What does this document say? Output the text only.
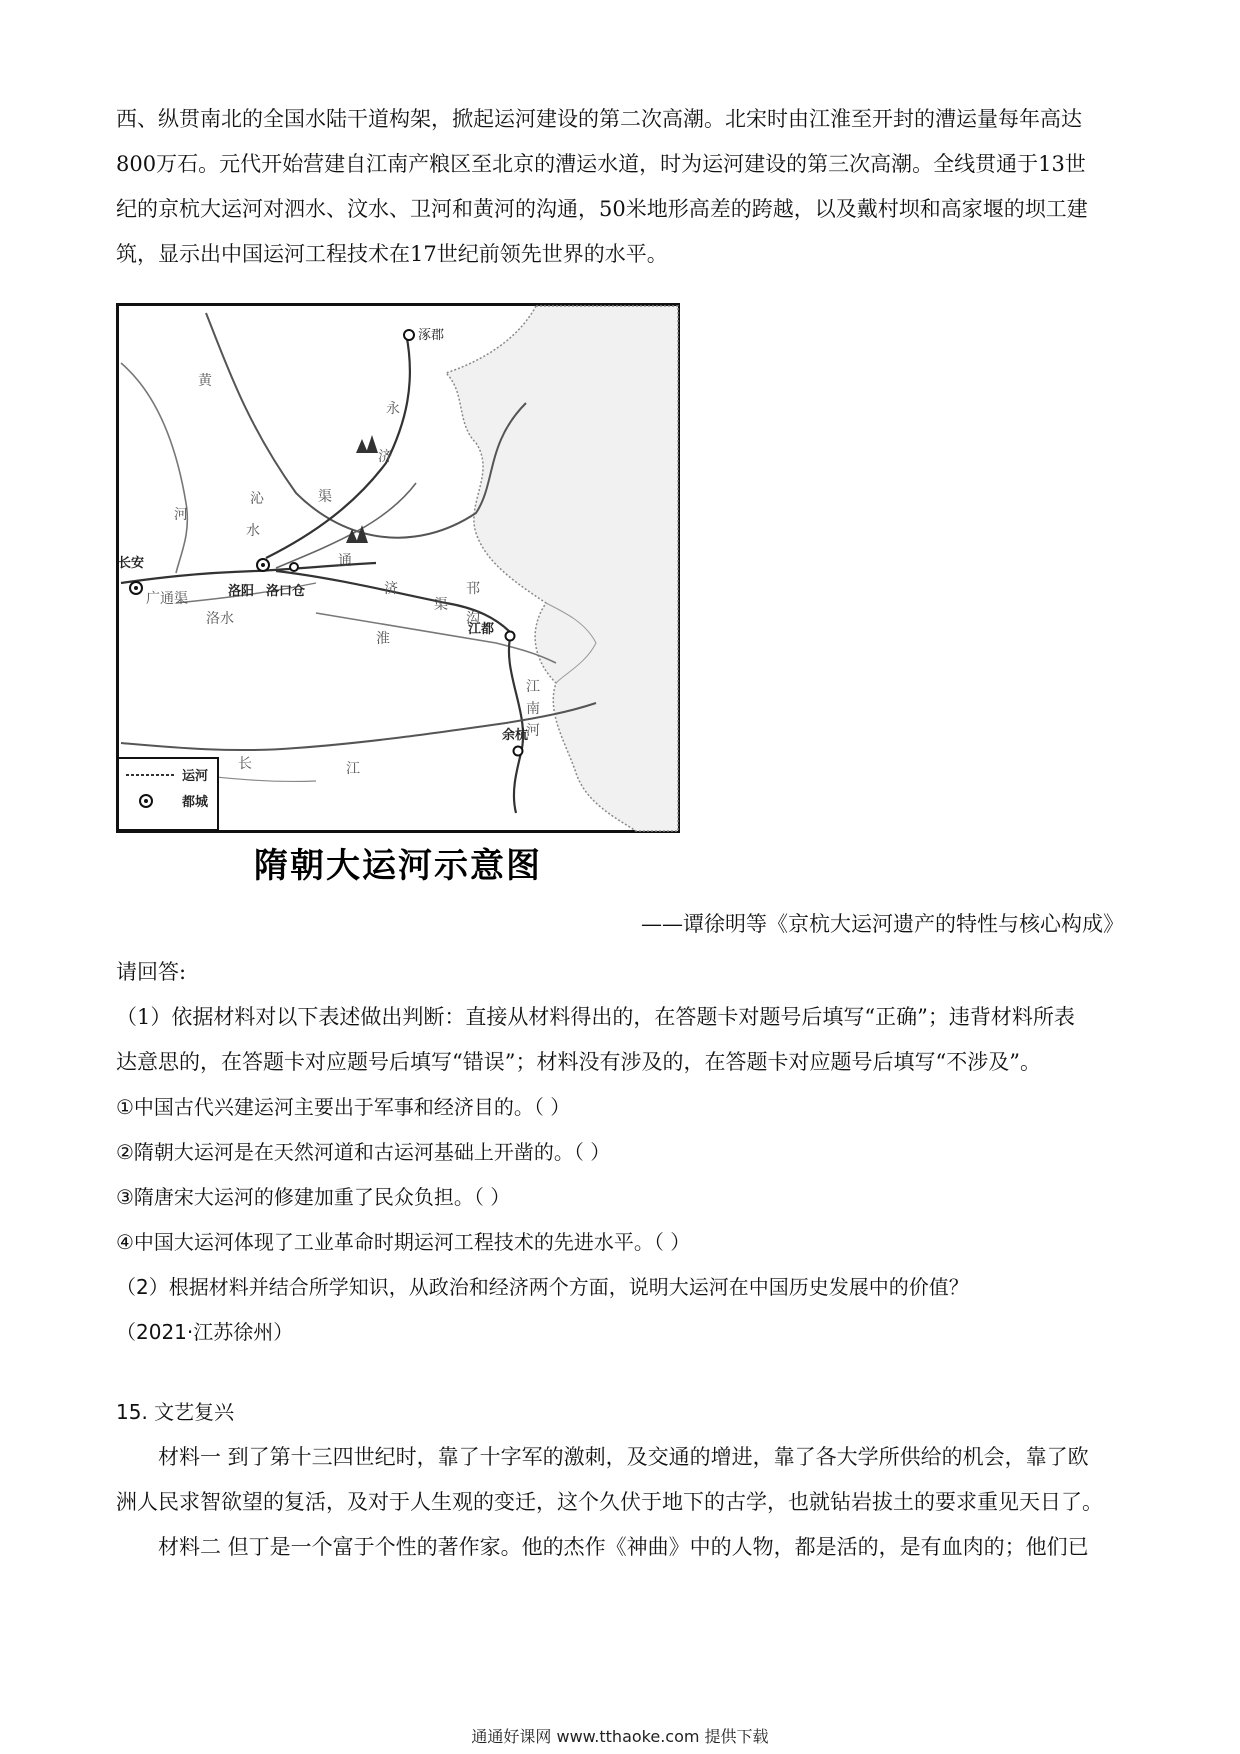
西、纵贯南北的全国水陆干道构架，掀起运河建设的第二次高潮。北宋时由江淮至开封的漕运量每年高达
800万石。元代开始营建自江南产粮区至北京的漕运水道，时为运河建设的第三次高潮。全线贯通于13世
纪的京杭大运河对泗水、汶水、卫河和黄河的沟通，50米地形高差的跨越，以及戴村坝和高家堰的坝工建
筑，显示出中国运河工程技术在17世纪前领先世界的水平。
涿郡
长安
洛阳 洛口仓
江都
余杭
黄
河
永
济
渠
沁
水
通
济
渠
广通渠
洛水
淮
邗
沟
江
南
河
长	江
运河
都城
隋朝大运河示意图
——谭徐明等《京杭大运河遗产的特性与核心构成》
请回答:
（1）依据材料对以下表述做出判断：直接从材料得出的，在答题卡对题号后填写“正确”；违背材料所表
达意思的，在答题卡对应题号后填写“错误”；材料没有涉及的，在答题卡对应题号后填写“不涉及”。
①中国古代兴建运河主要出于军事和经济目的。（ ）
②隋朝大运河是在天然河道和古运河基础上开凿的。（ ）
③隋唐宋大运河的修建加重了民众负担。（ ）
④中国大运河体现了工业革命时期运河工程技术的先进水平。（ ）
（2）根据材料并结合所学知识，从政治和经济两个方面，说明大运河在中国历史发展中的价值？
（2021·江苏徐州）
15. 文艺复兴
材料一 到了第十三四世纪时，靠了十字军的激刺，及交通的增进，靠了各大学所供给的机会，靠了欧
洲人民求智欲望的复活，及对于人生观的变迁，这个久伏于地下的古学，也就钻岩拔土的要求重见天日了。
材料二 但丁是一个富于个性的著作家。他的杰作《神曲》中的人物，都是活的，是有血肉的；他们已
通通好课网 www.tthaoke.com 提供下载
